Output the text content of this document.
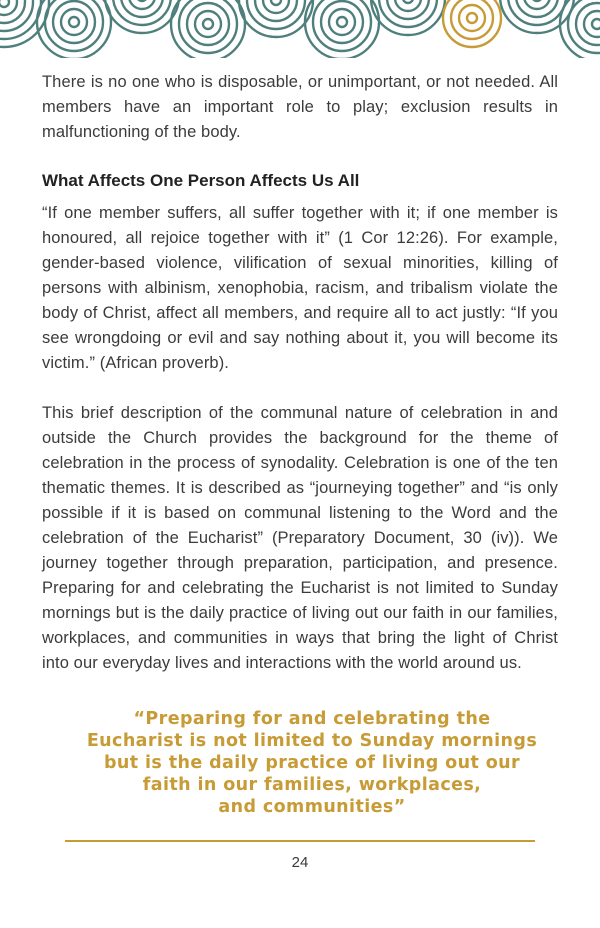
There is no one who is disposable, or unimportant, or not needed. All members have an important role to play; exclusion results in malfunctioning of the body.

What Affects One Person Affects Us All

“If one member suffers, all suffer together with it; if one member is honoured, all rejoice together with it” (1 Cor 12:26). For example, gender-based violence, vilification of sexual minorities, killing of persons with albinism, xenophobia, racism, and tribalism violate the body of Christ, affect all members, and require all to act justly: “If you see wrongdoing or evil and say nothing about it, you will become its victim.” (African proverb).

This brief description of the communal nature of celebration in and outside the Church provides the background for the theme of celebration in the process of synodality. Celebration is one of the ten thematic themes. It is described as “journeying together” and “is only possible if it is based on communal listening to the Word and the celebration of the Eucharist” (Preparatory Document, 30 (iv)). We journey together through preparation, participation, and presence. Preparing for and celebrating the Eucharist is not limited to Sunday mornings but is the daily practice of living out our faith in our families, workplaces, and communities in ways that bring the light of Christ into our everyday lives and interactions with the world around us.

“Preparing for and celebrating the
Eucharist is not limited to Sunday mornings
but is the daily practice of living out our
faith in our families, workplaces,
and communities”
24
